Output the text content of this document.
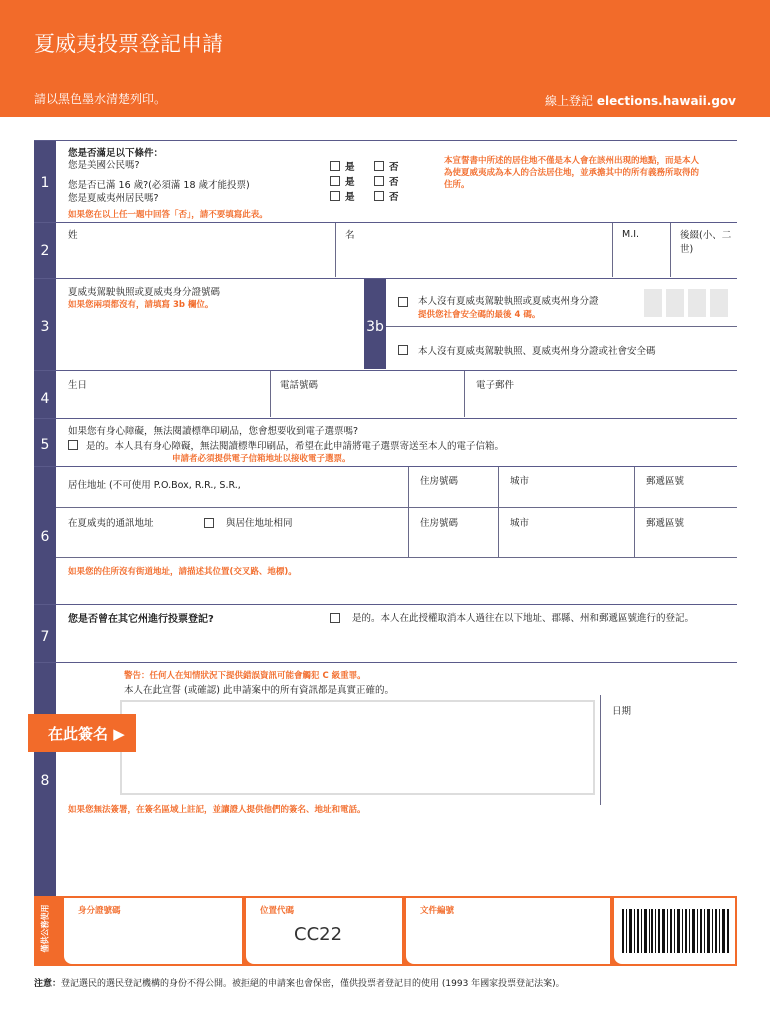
夏威夷投票登記申請
請以黑色墨水清楚列印。	線上登記 elections.hawaii.gov
1
您是否滿足以下條件：
您是美國公民嗎?
您是否已滿 16 歲?(必須滿 18 歲才能投票)
您是夏威夷州居民嗎?
是	否
是	否
是	否
本宣誓書中所述的居住地不僅是本人會在該州出現的地點，而是本人為使夏威夷成為本人的合法居住地，並承擔其中的所有義務所取得的住所。
如果您在以上任一題中回答「否」，請不要填寫此表。
2
姓	名	M.I.	後綴(小、二世)
3
夏威夷駕駛執照或夏威夷身分證號碼
如果您兩項都沒有，請填寫 3b 欄位。
3b
本人沒有夏威夷駕駛執照或夏威夷州身分證
提供您社會安全碼的最後 4 碼。
本人沒有夏威夷駕駛執照、夏威夷州身分證或社會安全碼
4
生日	電話號碼	電子郵件
5
如果您有身心障礙，無法閱讀標準印刷品，您會想要收到電子選票嗎?
是的。本人具有身心障礙，無法閱讀標準印刷品，希望在此申請將電子選票寄送至本人的電子信箱。
申請者必須提供電子信箱地址以接收電子選票。
6
居住地址 (不可使用 P.O.Box, R.R., S.R.,	住房號碼	城市	郵遞區號
在夏威夷的通訊地址	與居住地址相同	住房號碼	城市	郵遞區號
如果您的住所沒有街道地址，請描述其位置(交叉路、地標)。
7
您是否曾在其它州進行投票登記?	是的。本人在此授權取消本人過往在以下地址、郡縣、州和郵遞區號進行的登記。
8
警告：任何人在知情狀況下提供錯誤資訊可能會觸犯 C 級重罪。
本人在此宣誓 (或確認) 此申請案中的所有資訊都是真實正確的。
日期
如果您無法簽署，在簽名區域上註記，並讓證人提供他們的簽名、地址和電話。
在此簽名 ▶
僅供公務使用	身分證號碼	位置代碼
CC22
文件編號
注意：登記選民的選民登記機構的身份不得公開。被拒絕的申請案也會保密，僅供投票者登記目的使用 (1993 年國家投票登記法案)。
